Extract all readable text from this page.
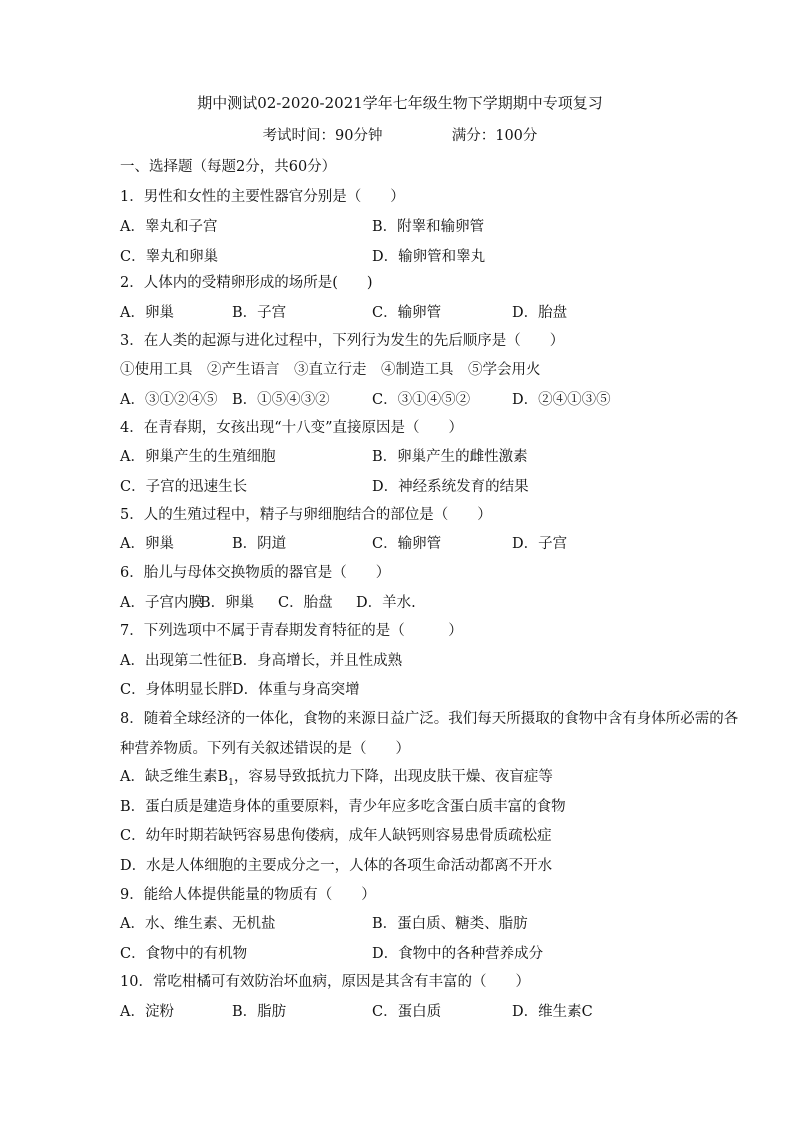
期中测试02-2020-2021学年七年级生物下学期期中专项复习
考试时间：90分钟	满分：100分
一、选择题（每题2分，共60分）
1．男性和女性的主要性器官分别是（　　）
A．睾丸和子宫	B．附睾和输卵管
C．睾丸和卵巢	D．输卵管和睾丸
2．人体内的受精卵形成的场所是(　　)
A．卵巢	B．子宫	C．输卵管	D．胎盘
3．在人类的起源与进化过程中，下列行为发生的先后顺序是（　　）
①使用工具　②产生语言　③直立行走　④制造工具　⑤学会用火
A．③①②④⑤ B．①⑤④③②	C．③①④⑤②	D．②④①③⑤
4．在青春期，女孩出现“十八变”直接原因是（　　）
A．卵巢产生的生殖细胞	B．卵巢产生的雌性激素
C．子宫的迅速生长	D．神经系统发育的结果
5．人的生殖过程中，精子与卵细胞结合的部位是（　　）
A．卵巢	B．阴道	C．输卵管	D．子宫
6．胎儿与母体交换物质的器官是（　　）
A．子宫内膜
B．卵巢 C．胎盘 D．羊水.
7．下列选项中不属于青春期发育特征的是（　　　）
A．出现第二性征 B．身高增长，并且性成熟
C．身体明显长胖 D．体重与身高突增
8．随着全球经济的一体化，食物的来源日益广泛。我们每天所摄取的食物中含有身体所必需的各
种营养物质。下列有关叙述错误的是（　　）
A．缺乏维生素$B_1$，容易导致抵抗力下降，出现皮肤干燥、夜盲症等
B．蛋白质是建造身体的重要原料，青少年应多吃含蛋白质丰富的食物
C．幼年时期若缺钙容易患佝偻病，成年人缺钙则容易患骨质疏松症
D．水是人体细胞的主要成分之一，人体的各项生命活动都离不开水
9．能给人体提供能量的物质有（　　）
A．水、维生素、无机盐	B．蛋白质、糖类、脂肪
C．食物中的有机物	D．食物中的各种营养成分
10．常吃柑橘可有效防治坏血病，原因是其含有丰富的（　　）
A．淀粉	B．脂肪	C．蛋白质	D．维生素C
